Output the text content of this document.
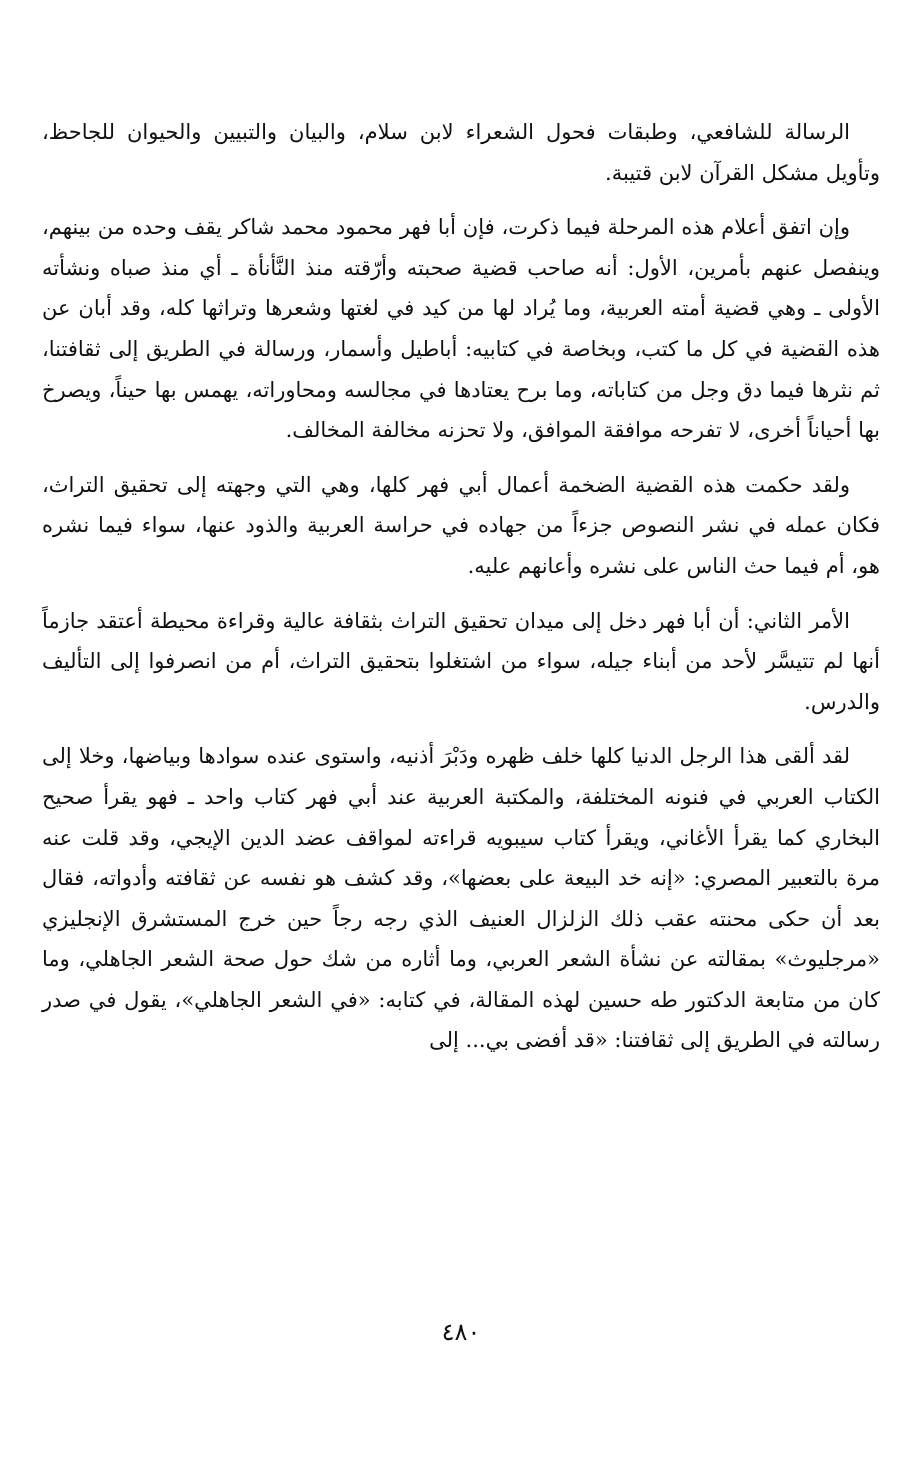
الرسالة للشافعي، وطبقات فحول الشعراء لابن سلام، والبيان والتبيين والحيوان للجاحظ، وتأويل مشكل القرآن لابن قتيبة.

وإن اتفق أعلام هذه المرحلة فيما ذكرت، فإن أبا فهر محمود محمد شاكر يقف وحده من بينهم، وينفصل عنهم بأمرين، الأول: أنه صاحب قضية صحبته وأرّقته منذ النَّأنأة ـ أي منذ صباه ونشأته الأولى ـ وهي قضية أمته العربية، وما يُراد لها من كيد في لغتها وشعرها وتراثها كله، وقد أبان عن هذه القضية في كل ما كتب، وبخاصة في كتابيه: أباطيل وأسمار، ورسالة في الطريق إلى ثقافتنا، ثم نثرها فيما دق وجل من كتاباته، وما برح يعتادها في مجالسه ومحاوراته، يهمس بها حيناً، ويصرخ بها أحياناً أخرى، لا تفرحه موافقة الموافق، ولا تحزنه مخالفة المخالف.

ولقد حكمت هذه القضية الضخمة أعمال أبي فهر كلها، وهي التي وجهته إلى تحقيق التراث، فكان عمله في نشر النصوص جزءاً من جهاده في حراسة العربية والذود عنها، سواء فيما نشره هو، أم فيما حث الناس على نشره وأعانهم عليه.

الأمر الثاني: أن أبا فهر دخل إلى ميدان تحقيق التراث بثقافة عالية وقراءة محيطة أعتقد جازماً أنها لم تتيسَّر لأحد من أبناء جيله، سواء من اشتغلوا بتحقيق التراث، أم من انصرفوا إلى التأليف والدرس.

لقد ألقى هذا الرجل الدنيا كلها خلف ظهره ودَبْرَ أذنيه، واستوى عنده سوادها وبياضها، وخلا إلى الكتاب العربي في فنونه المختلفة، والمكتبة العربية عند أبي فهر كتاب واحد ـ فهو يقرأ صحيح البخاري كما يقرأ الأغاني، ويقرأ كتاب سيبويه قراءته لمواقف عضد الدين الإيجي، وقد قلت عنه مرة بالتعبير المصري: «إنه خد البيعة على بعضها»، وقد كشف هو نفسه عن ثقافته وأدواته، فقال بعد أن حكى محنته عقب ذلك الزلزال العنيف الذي رجه رجاً حين خرج المستشرق الإنجليزي «مرجليوث» بمقالته عن نشأة الشعر العربي، وما أثاره من شك حول صحة الشعر الجاهلي، وما كان من متابعة الدكتور طه حسين لهذه المقالة، في كتابه: «في الشعر الجاهلي»، يقول في صدر رسالته في الطريق إلى ثقافتنا: «قد أفضى بي... إلى

٤٨٠
